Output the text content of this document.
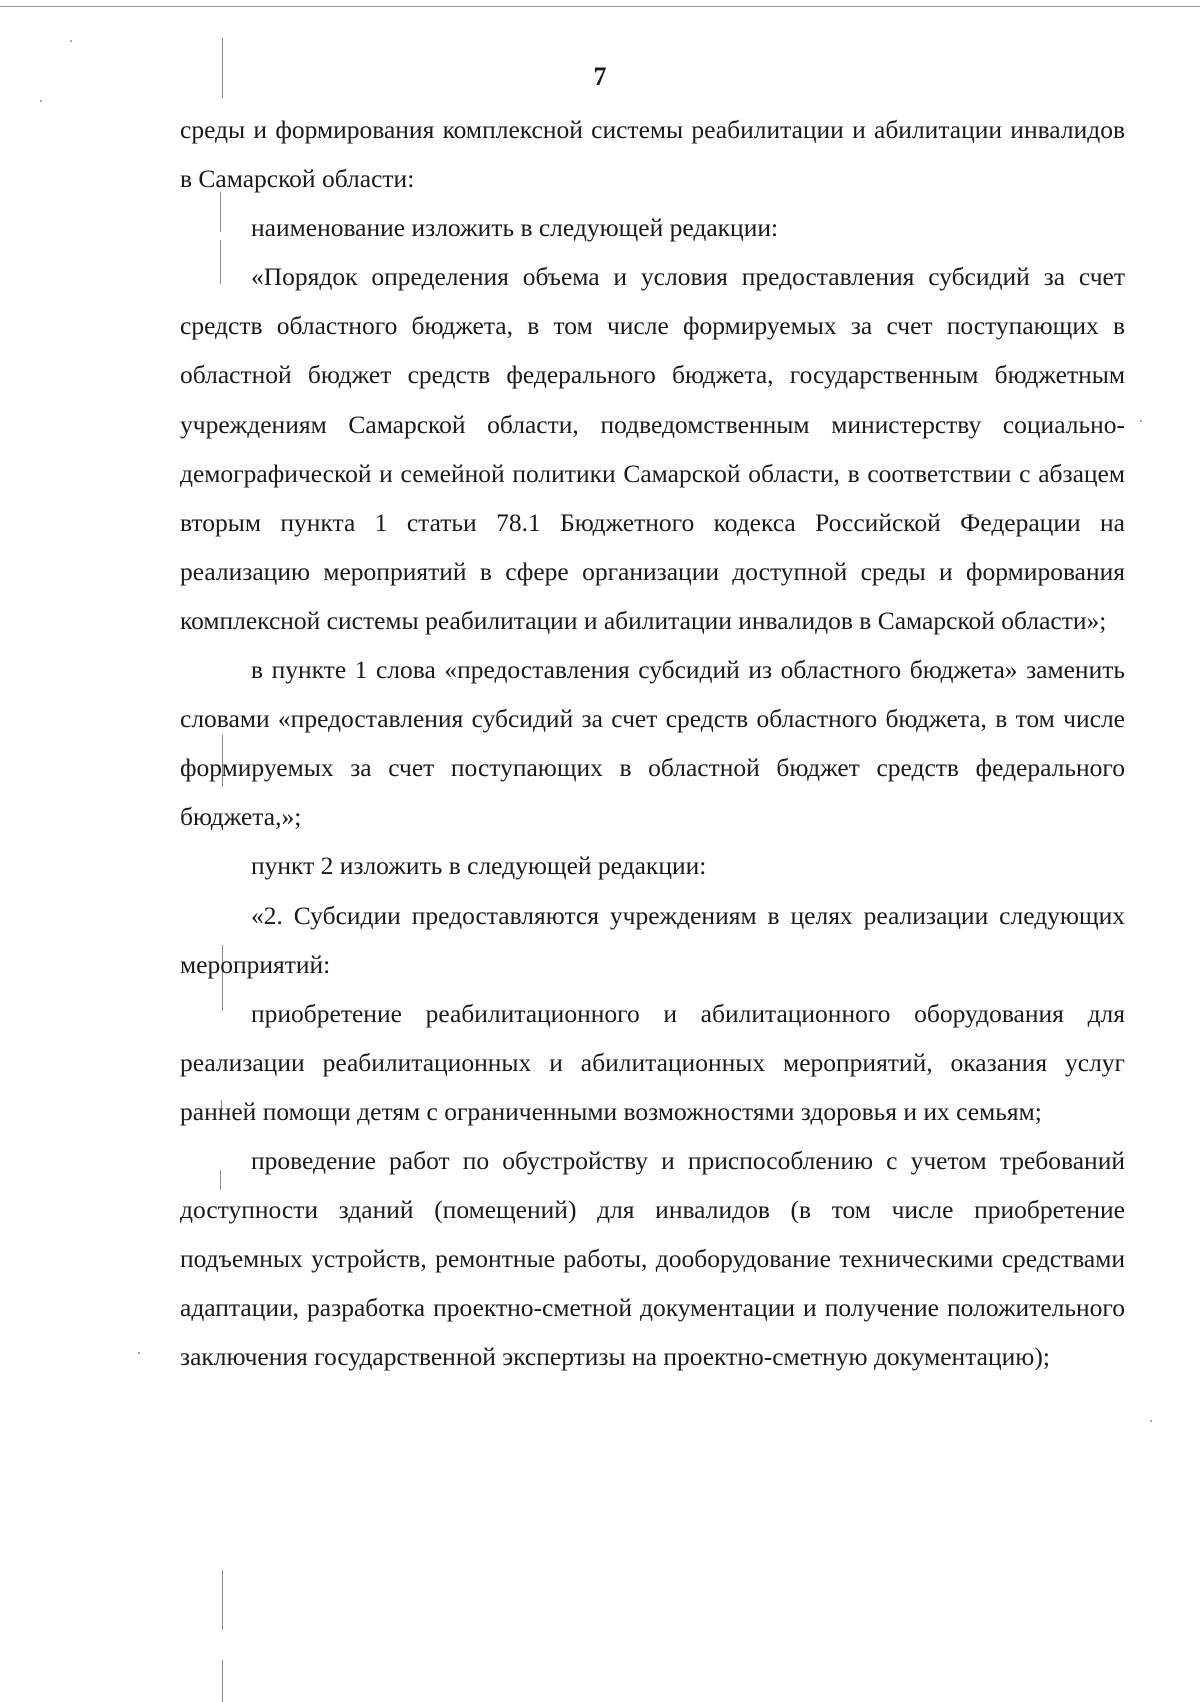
7

среды и формирования комплексной системы реабилитации и абилитации инвалидов в Самарской области:

наименование изложить в следующей редакции:

«Порядок определения объема и условия предоставления субсидий за счет средств областного бюджета, в том числе формируемых за счет поступающих в областной бюджет средств федерального бюджета, государственным бюджетным учреждениям Самарской области, подведомственным министерству социально-демографической и семейной политики Самарской области, в соответствии с абзацем вторым пункта 1 статьи 78.1 Бюджетного кодекса Российской Федерации на реализацию мероприятий в сфере организации доступной среды и формирования комплексной системы реабилитации и абилитации инвалидов в Самарской области»;

в пункте 1 слова «предоставления субсидий из областного бюджета» заменить словами «предоставления субсидий за счет средств областного бюджета, в том числе формируемых за счет поступающих в областной бюджет средств федерального бюджета,»;

пункт 2 изложить в следующей редакции:

«2. Субсидии предоставляются учреждениям в целях реализации следующих мероприятий:

приобретение реабилитационного и абилитационного оборудования для реализации реабилитационных и абилитационных мероприятий, оказания услуг ранней помощи детям с ограниченными возможностями здоровья и их семьям;

проведение работ по обустройству и приспособлению с учетом требований доступности зданий (помещений) для инвалидов (в том числе приобретение подъемных устройств, ремонтные работы, дооборудование техническими средствами адаптации, разработка проектно-сметной документации и получение положительного заключения государственной экспертизы на проектно-сметную документацию);
